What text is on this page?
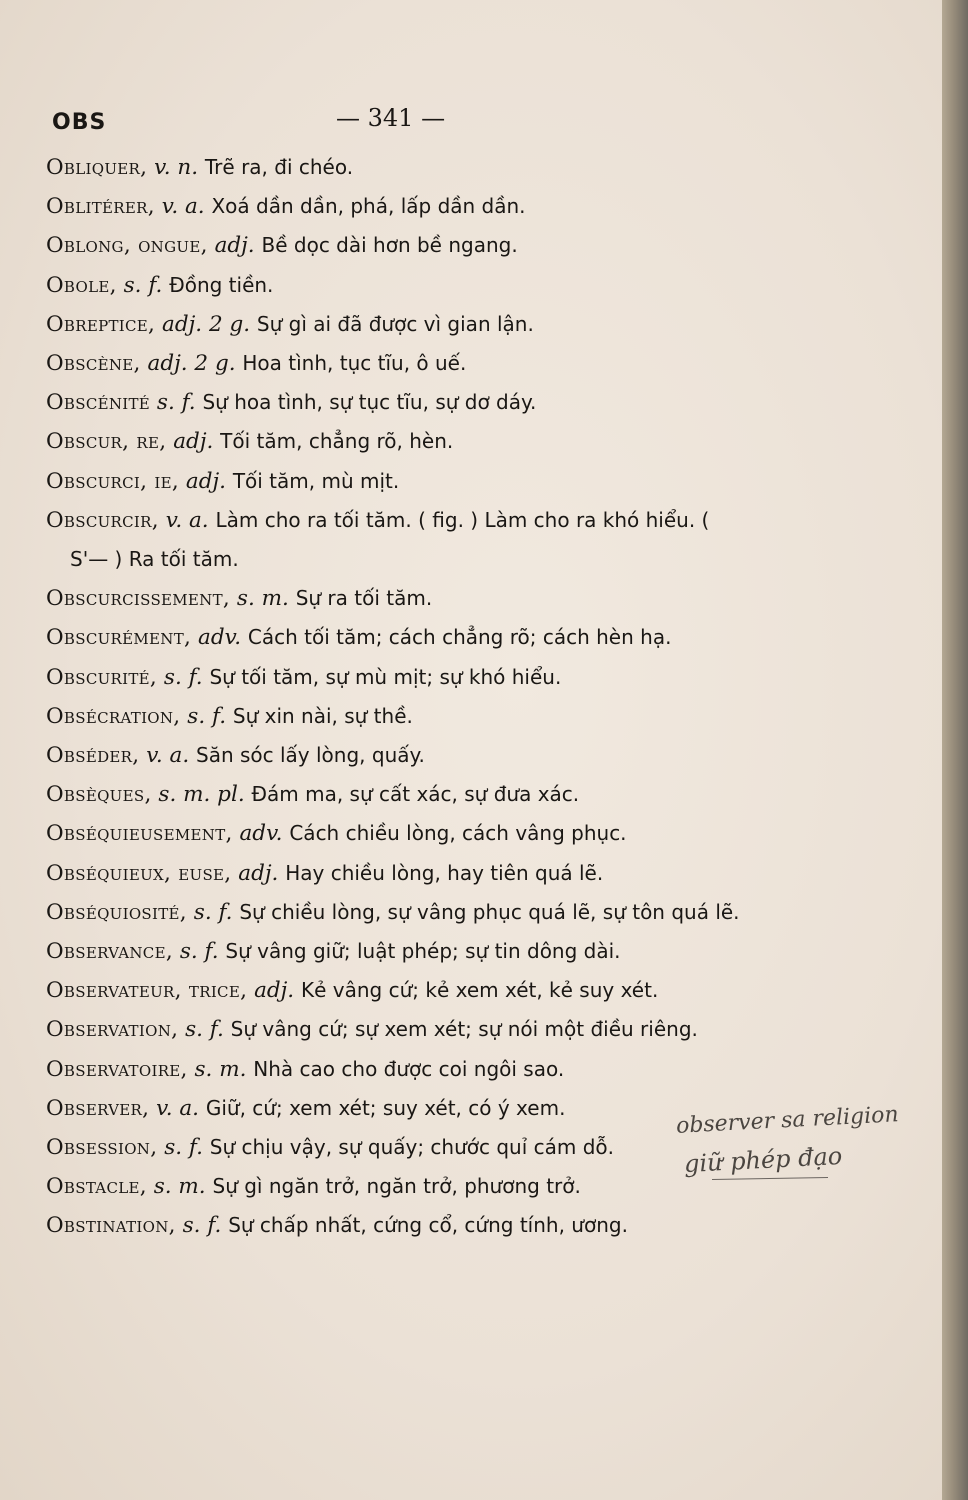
OBS	— 341 —
Obliquer, v. n. Trẽ ra, đi chéo.
Oblitérer, v. a. Xoá dần dần, phá, lấp dần dần.
Oblong, ongue, adj. Bề dọc dài hơn bề ngang.
Obole, s. f. Đồng tiền.
Obreptice, adj. 2 g. Sự gì ai đã được vì gian lận.
Obscène, adj. 2 g. Hoa tình, tục tĩu, ô uế.
Obscénité s. f. Sự hoa tình, sự tục tĩu, sự dơ dáy.
Obscur, re, adj. Tối tăm, chẳng rõ, hèn.
Obscurci, ie, adj. Tối tăm, mù mịt.
Obscurcir, v. a. Làm cho ra tối tăm. ( fig. ) Làm cho ra khó hiểu. ( S'— ) Ra tối tăm.
Obscurcissement, s. m. Sự ra tối tăm.
Obscurément, adv. Cách tối tăm; cách chẳng rõ; cách hèn hạ.
Obscurité, s. f. Sự tối tăm, sự mù mịt; sự khó hiểu.
Obsécration, s. f. Sự xin nài, sự thề.
Obséder, v. a. Săn sóc lấy lòng, quấy.
Obsèques, s. m. pl. Đám ma, sự cất xác, sự đưa xác.
Obséquieusement, adv. Cách chiều lòng, cách vâng phục.
Obséquieux, euse, adj. Hay chiều lòng, hay tiên quá lẽ.
Obséquiosité, s. f. Sự chiều lòng, sự vâng phục quá lẽ, sự tôn quá lẽ.
Observance, s. f. Sự vâng giữ; luật phép; sự tin dông dài.
Observateur, trice, adj. Kẻ vâng cứ; kẻ xem xét, kẻ suy xét.
Observation, s. f. Sự vâng cứ; sự xem xét; sự nói một điều riêng.
Observatoire, s. m. Nhà cao cho được coi ngôi sao.
Observer, v. a. Giữ, cứ; xem xét; suy xét, có ý xem.
Obsession, s. f. Sự chịu vậy, sự quấy; chước quỉ cám dỗ.
Obstacle, s. m. Sự gì ngăn trở, ngăn trở, phương trở.
Obstination, s. f. Sự chấp nhất, cứng cổ, cứng tính, ương.
observer sa religion
giữ phép đạo
